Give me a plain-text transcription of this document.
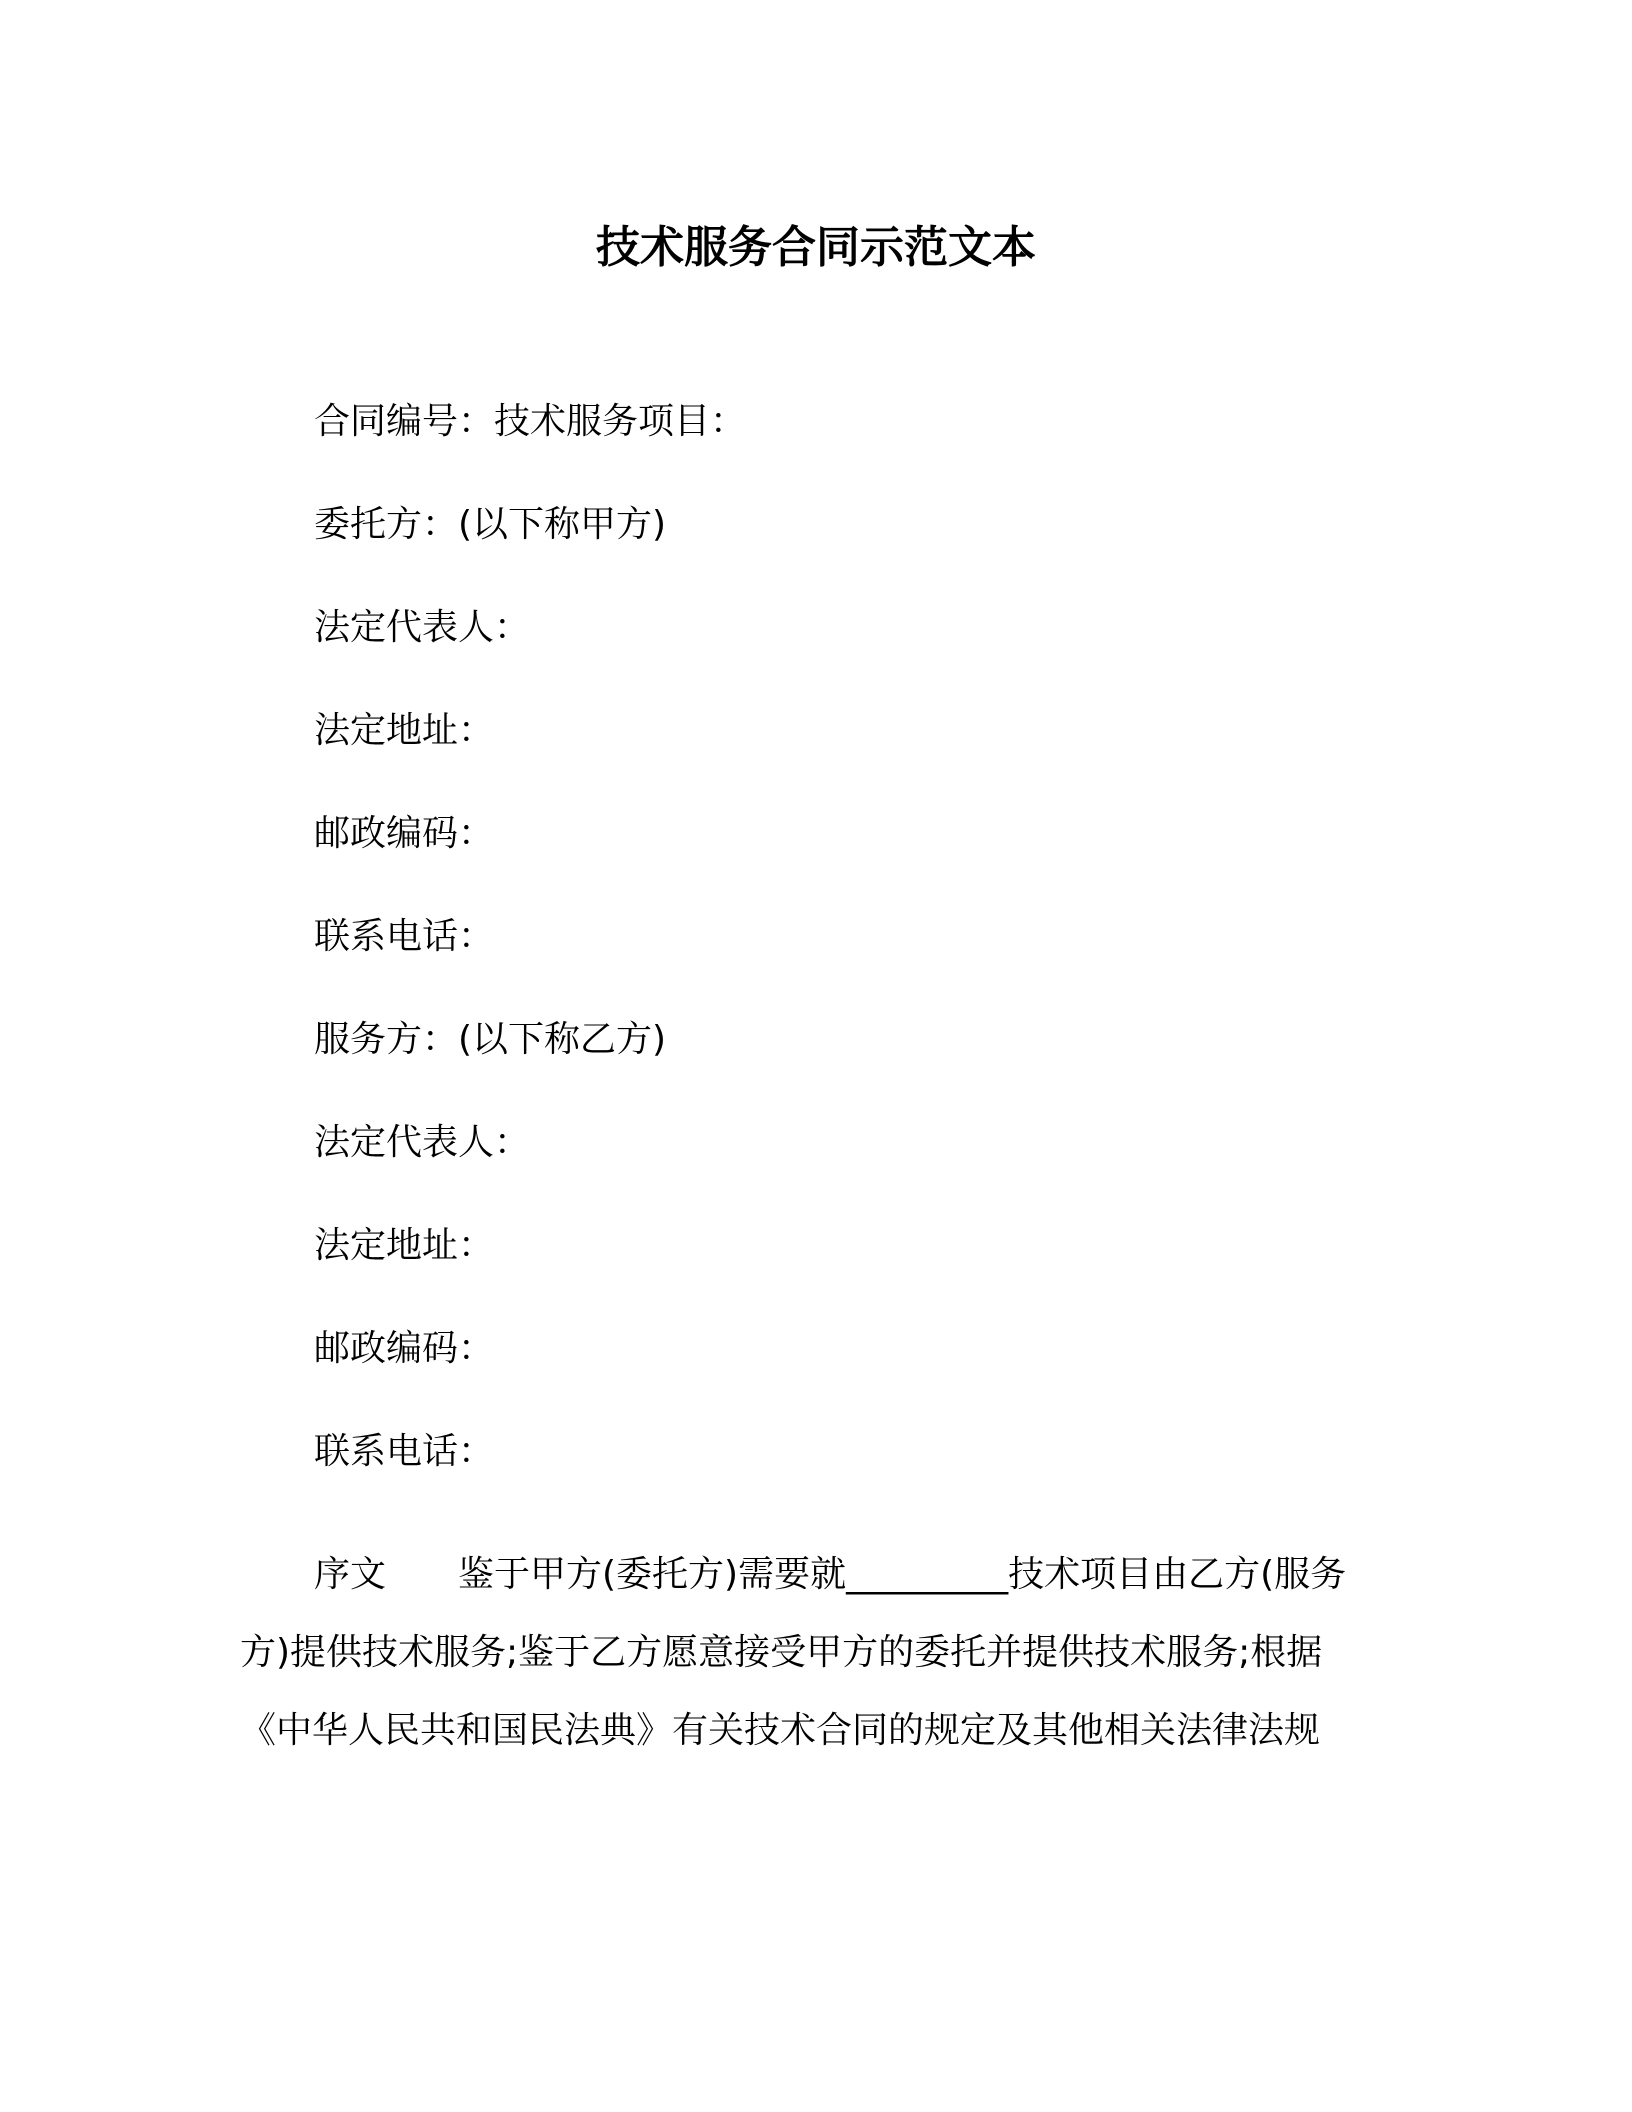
技术服务合同示范文本
合同编号：技术服务项目：
委托方：(以下称甲方)
法定代表人：
法定地址：
邮政编码：
联系电话：
服务方：(以下称乙方)
法定代表人：
法定地址：
邮政编码：
联系电话：
序文 鉴于甲方(委托方)需要就_________技术项目由乙方(服务
方)提供技术服务;鉴于乙方愿意接受甲方的委托并提供技术服务;根据
《中华人民共和国民法典》有关技术合同的规定及其他相关法律法规
